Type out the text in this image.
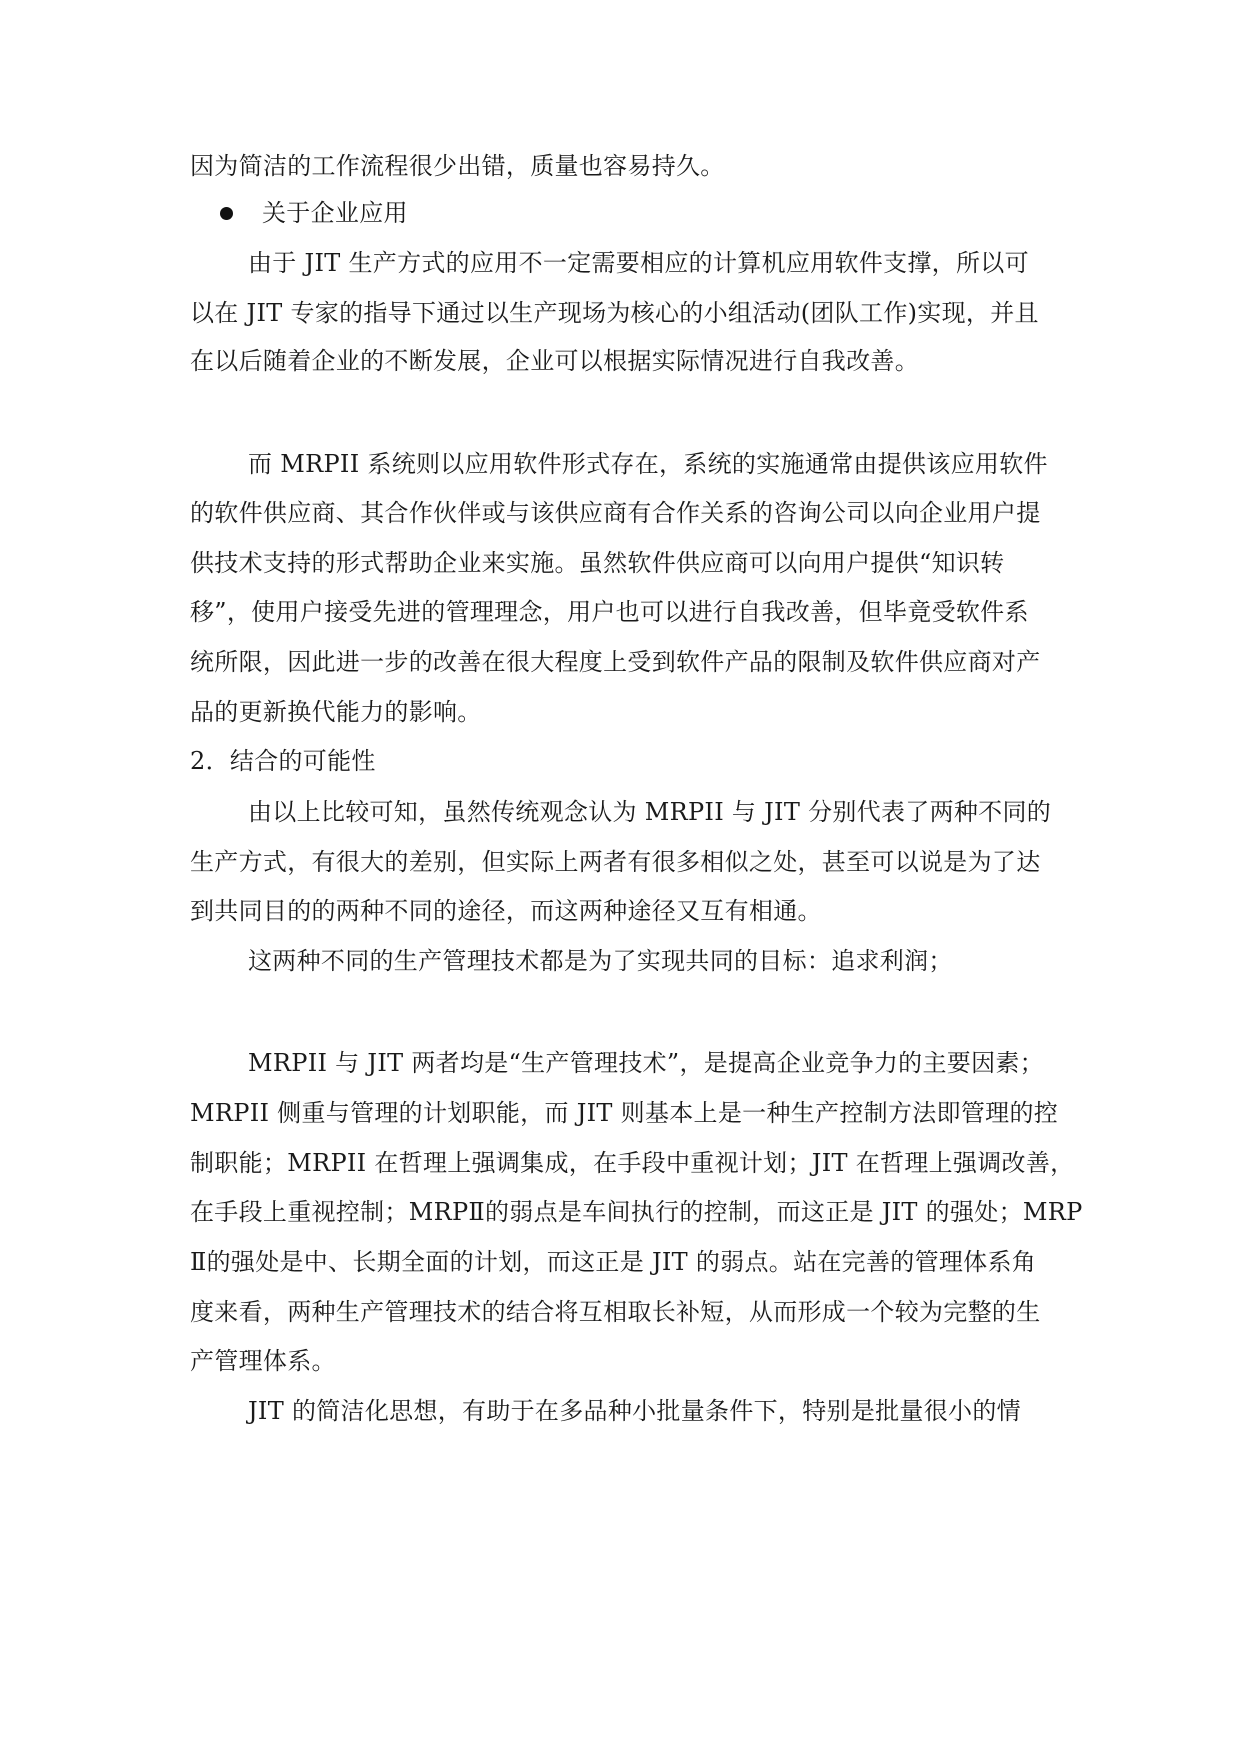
因为简洁的工作流程很少出错，质量也容易持久。
关于企业应用
由于 JIT 生产方式的应用不一定需要相应的计算机应用软件支撑，所以可
以在 JIT 专家的指导下通过以生产现场为核心的小组活动(团队工作)实现，并且
在以后随着企业的不断发展，企业可以根据实际情况进行自我改善。
而 MRPII 系统则以应用软件形式存在，系统的实施通常由提供该应用软件
的软件供应商、其合作伙伴或与该供应商有合作关系的咨询公司以向企业用户提
供技术支持的形式帮助企业来实施。虽然软件供应商可以向用户提供“知识转
移”，使用户接受先进的管理理念，用户也可以进行自我改善，但毕竟受软件系
统所限，因此进一步的改善在很大程度上受到软件产品的限制及软件供应商对产
品的更新换代能力的影响。
2．结合的可能性
由以上比较可知，虽然传统观念认为 MRPII 与 JIT 分别代表了两种不同的
生产方式，有很大的差别，但实际上两者有很多相似之处，甚至可以说是为了达
到共同目的的两种不同的途径，而这两种途径又互有相通。
这两种不同的生产管理技术都是为了实现共同的目标：追求利润；
MRPII 与 JIT 两者均是“生产管理技术”，是提高企业竞争力的主要因素；
MRPII 侧重与管理的计划职能，而 JIT 则基本上是一种生产控制方法即管理的控
制职能；MRPII 在哲理上强调集成，在手段中重视计划；JIT 在哲理上强调改善，
在手段上重视控制；MRPⅡ的弱点是车间执行的控制，而这正是 JIT 的强处；MRP
Ⅱ的强处是中、长期全面的计划，而这正是 JIT 的弱点。站在完善的管理体系角
度来看，两种生产管理技术的结合将互相取长补短，从而形成一个较为完整的生
产管理体系。
JIT 的简洁化思想，有助于在多品种小批量条件下，特别是批量很小的情
